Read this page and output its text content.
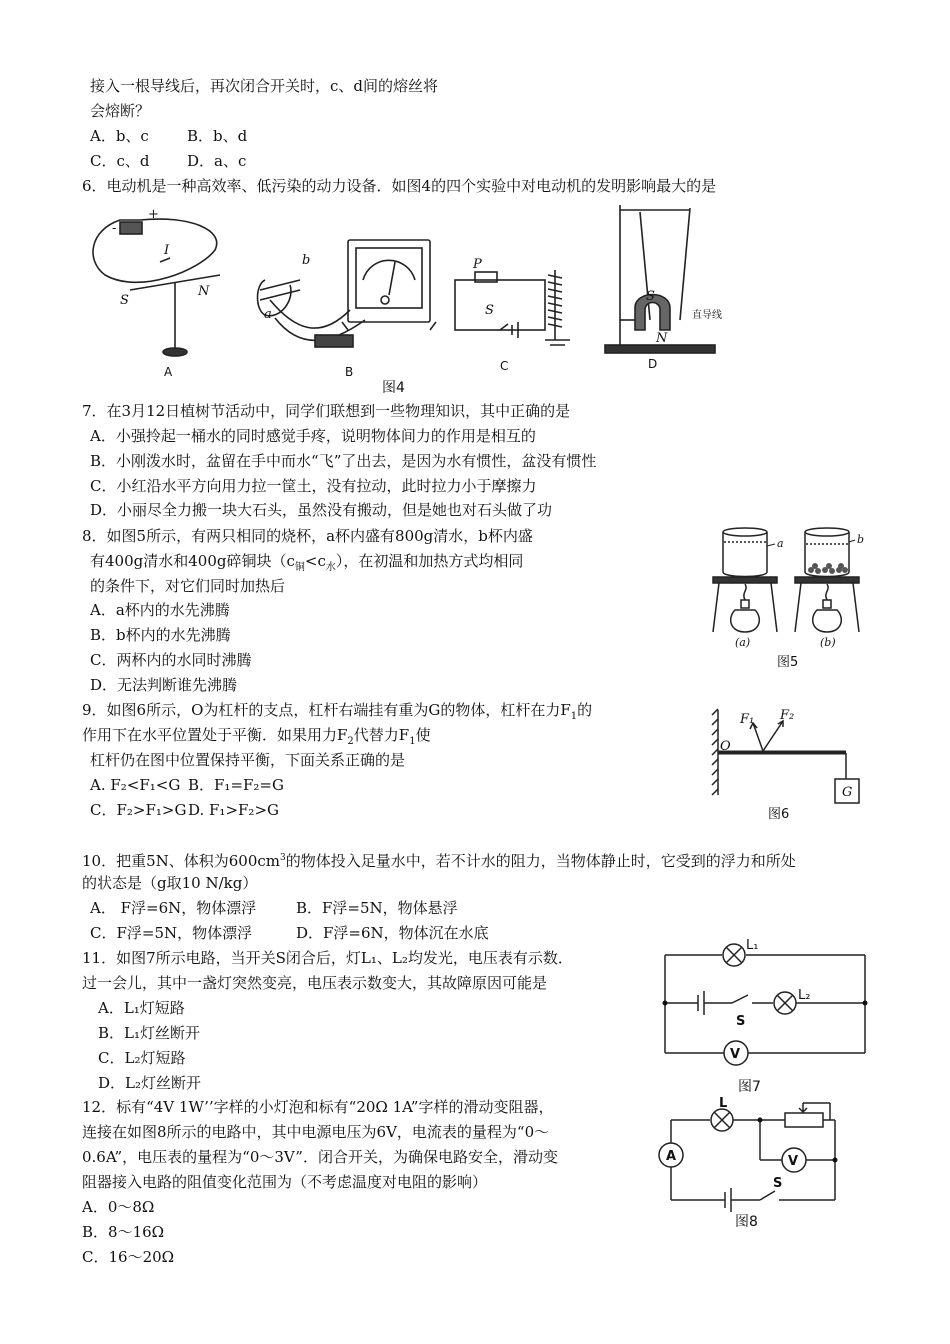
接入一根导线后，再次闭合开关时，c、d间的熔丝将
会熔断？
A．b、c	B．b、d
C．c、d	D．a、c
6．电动机是一种高效率、低污染的动力设备．如图4的四个实验中对电动机的发明影响最大的是
+
-
I
S
N
b
a
P
S
S
N
直导线
A	B	C	D
图4
7．在3月12日植树节活动中，同学们联想到一些物理知识，其中正确的是
A．小强拎起一桶水的同时感觉手疼，说明物体间力的作用是相互的
B．小刚泼水时，盆留在手中而水“飞”了出去，是因为水有惯性，盆没有惯性
C．小红沿水平方向用力拉一筐土，没有拉动，此时拉力小于摩擦力
D．小丽尽全力搬一块大石头，虽然没有搬动，但是她也对石头做了功
8．如图5所示，有两只相同的烧杯，a杯内盛有800g清水，b杯内盛
有400g清水和400g碎铜块$(c_铜<c_水)$，在初温和加热方式均相同
的条件下，对它们同时加热后
A．a杯内的水先沸腾
B．b杯内的水先沸腾
C．两杯内的水同时沸腾
D．无法判断谁先沸腾
a	b
(a)	(b)
图5
9．如图6所示，O为杠杆的支点，杠杆右端挂有重为G的物体，杠杆在力$F_1$的
作用下在水平位置处于平衡．如果用力$F_2$代替力$F_1$使
杠杆仍在图中位置保持平衡，下面关系正确的是
A. F₂<F₁<G B．F₁=F₂=G
C．F₂>F₁>G D. F₁>F₂>G
O
F₁ F₂
G
图6
10．把重5N、体积为$600cm^3$的物体投入足量水中，若不计水的阻力，当物体静止时，它受到的浮力和所处
的状态是（g取10 N/kg）
A． F浮=6N，物体漂浮	B．F浮=5N，物体悬浮
C．F浮=5N，物体漂浮	D．F浮=6N，物体沉在水底
11．如图7所示电路，当开关S闭合后，灯L₁、L₂均发光，电压表有示数．
过一会儿，其中一盏灯突然变亮，电压表示数变大，其故障原因可能是
A．L₁灯短路
B．L₁灯丝断开
C．L₂灯短路
D．L₂灯丝断开
L₁
L₂
S
V
图7
12．标有“4V 1W’’字样的小灯泡和标有“20Ω 1A”字样的滑动变阻器，
连接在如图8所示的电路中，其中电源电压为6V，电流表的量程为“0～
0.6A”，电压表的量程为“0～3V”．闭合开关，为确保电路安全，滑动变
阻器接入电路的阻值变化范围为（不考虑温度对电阻的影响）
A．0～8Ω
B．8～16Ω
C．16～20Ω
L
A	V
S
图8
